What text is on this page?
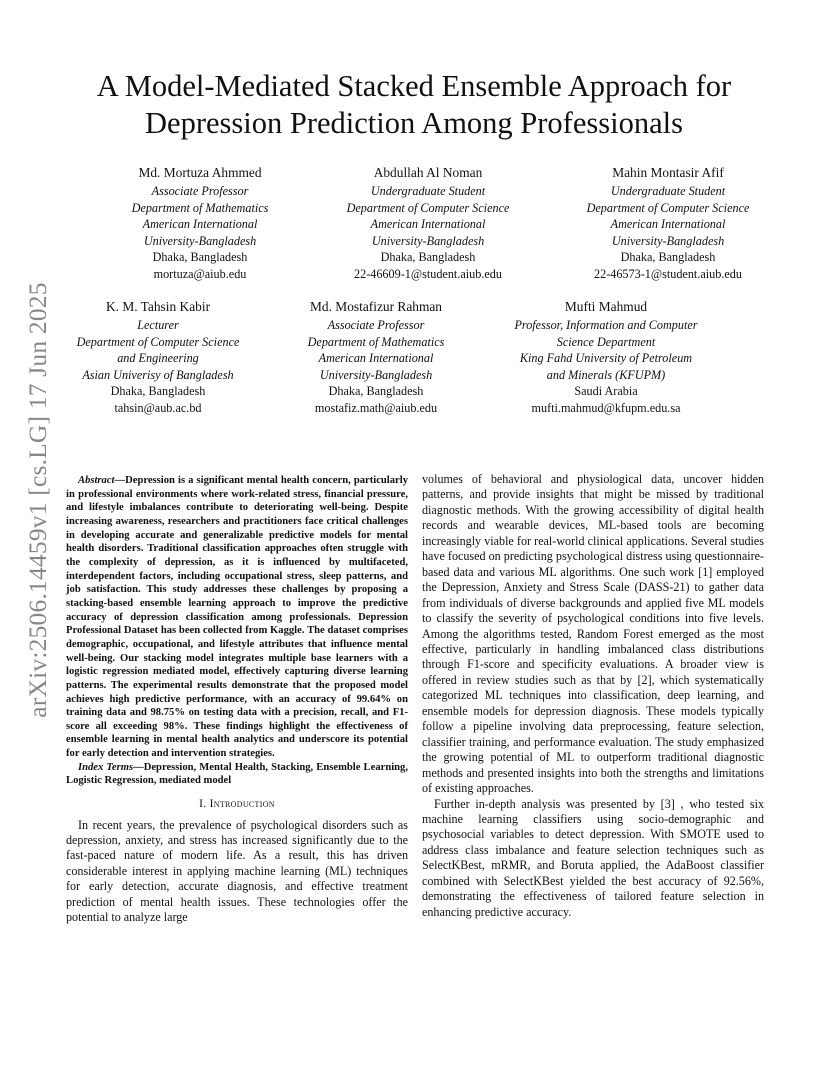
arXiv:2506.14459v1 [cs.LG] 17 Jun 2025
A Model-Mediated Stacked Ensemble Approach for
Depression Prediction Among Professionals
Md. Mortuza Ahmmed
Associate Professor
Department of Mathematics
American International
University-Bangladesh
Dhaka, Bangladesh
mortuza@aiub.edu
Abdullah Al Noman
Undergraduate Student
Department of Computer Science
American International
University-Bangladesh
Dhaka, Bangladesh
22-46609-1@student.aiub.edu
Mahin Montasir Afif
Undergraduate Student
Department of Computer Science
American International
University-Bangladesh
Dhaka, Bangladesh
22-46573-1@student.aiub.edu
K. M. Tahsin Kabir
Lecturer
Department of Computer Science
and Engineering
Asian Univerisy of Bangladesh
Dhaka, Bangladesh
tahsin@aub.ac.bd
Md. Mostafizur Rahman
Associate Professor
Department of Mathematics
American International
University-Bangladesh
Dhaka, Bangladesh
mostafiz.math@aiub.edu
Mufti Mahmud
Professor, Information and Computer
Science Department
King Fahd University of Petroleum
and Minerals (KFUPM)
Saudi Arabia
mufti.mahmud@kfupm.edu.sa

Abstract—Depression is a significant mental health concern, particularly in professional environments where work-related stress, financial pressure, and lifestyle imbalances contribute to deteriorating well-being. Despite increasing awareness, researchers and practitioners face critical challenges in developing accurate and generalizable predictive models for mental health disorders. Traditional classification approaches often struggle with the complexity of depression, as it is influenced by multifaceted, interdependent factors, including occupational stress, sleep patterns, and job satisfaction. This study addresses these challenges by proposing a stacking-based ensemble learning approach to improve the predictive accuracy of depression classification among professionals. Depression Professional Dataset has been collected from Kaggle. The dataset comprises demographic, occupational, and lifestyle attributes that influence mental well-being. Our stacking model integrates multiple base learners with a logistic regression mediated model, effectively capturing diverse learning patterns. The experimental results demonstrate that the proposed model achieves high predictive performance, with an accuracy of 99.64% on training data and 98.75% on testing data with a precision, recall, and F1-score all exceeding 98%. These findings highlight the effectiveness of ensemble learning in mental health analytics and underscore its potential for early detection and intervention strategies.

Index Terms—Depression, Mental Health, Stacking, Ensemble Learning, Logistic Regression, mediated model

I. Introduction

In recent years, the prevalence of psychological disorders such as depression, anxiety, and stress has increased significantly due to the fast-paced nature of modern life. As a result, this has driven considerable interest in applying machine learning (ML) techniques for early detection, accurate diagnosis, and effective treatment prediction of mental health issues. These technologies offer the potential to analyze large

volumes of behavioral and physiological data, uncover hidden patterns, and provide insights that might be missed by traditional diagnostic methods. With the growing accessibility of digital health records and wearable devices, ML-based tools are becoming increasingly viable for real-world clinical applications. Several studies have focused on predicting psychological distress using questionnaire-based data and various ML algorithms. One such work [1] employed the Depression, Anxiety and Stress Scale (DASS-21) to gather data from individuals of diverse backgrounds and applied five ML models to classify the severity of psychological conditions into five levels. Among the algorithms tested, Random Forest emerged as the most effective, particularly in handling imbalanced class distributions through F1-score and specificity evaluations. A broader view is offered in review studies such as that by [2], which systematically categorized ML techniques into classification, deep learning, and ensemble models for depression diagnosis. These models typically follow a pipeline involving data preprocessing, feature selection, classifier training, and performance evaluation. The study emphasized the growing potential of ML to outperform traditional diagnostic methods and presented insights into both the strengths and limitations of existing approaches.

Further in-depth analysis was presented by [3] , who tested six machine learning classifiers using socio-demographic and psychosocial variables to detect depression. With SMOTE used to address class imbalance and feature selection techniques such as SelectKBest, mRMR, and Boruta applied, the AdaBoost classifier combined with SelectKBest yielded the best accuracy of 92.56%, demonstrating the effectiveness of tailored feature selection in enhancing predictive accuracy.
